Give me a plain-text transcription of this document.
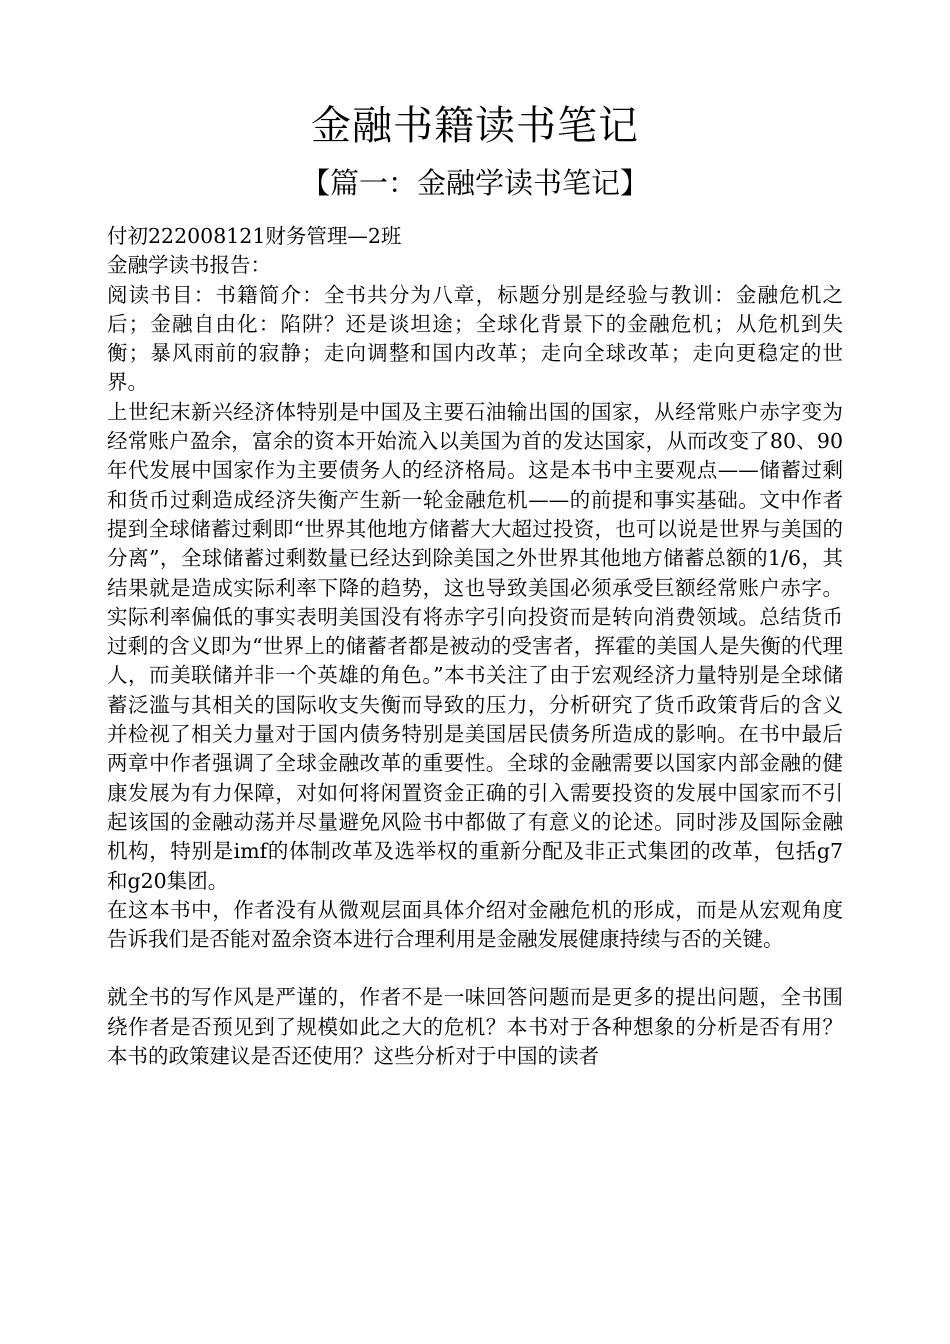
金融书籍读书笔记
【篇一：金融学读书笔记】

付初222008121财务管理—2班

金融学读书报告：

阅读书目：书籍简介：全书共分为八章，标题分别是经验与教训：金融危机之后；金融自由化：陷阱？还是谈坦途；全球化背景下的金融危机；从危机到失衡；暴风雨前的寂静；走向调整和国内改革；走向全球改革；走向更稳定的世界。

上世纪末新兴经济体特别是中国及主要石油输出国的国家，从经常账户赤字变为经常账户盈余，富余的资本开始流入以美国为首的发达国家，从而改变了80、90年代发展中国家作为主要债务人的经济格局。这是本书中主要观点——储蓄过剩和货币过剩造成经济失衡产生新一轮金融危机——的前提和事实基础。文中作者提到全球储蓄过剩即“世界其他地方储蓄大大超过投资，也可以说是世界与美国的分离”，全球储蓄过剩数量已经达到除美国之外世界其他地方储蓄总额的1/6，其结果就是造成实际利率下降的趋势，这也导致美国必须承受巨额经常账户赤字。实际利率偏低的事实表明美国没有将赤字引向投资而是转向消费领域。总结货币过剩的含义即为“世界上的储蓄者都是被动的受害者，挥霍的美国人是失衡的代理人，而美联储并非一个英雄的角色。”本书关注了由于宏观经济力量特别是全球储蓄泛滥与其相关的国际收支失衡而导致的压力，分析研究了货币政策背后的含义并检视了相关力量对于国内债务特别是美国居民债务所造成的影响。在书中最后两章中作者强调了全球金融改革的重要性。全球的金融需要以国家内部金融的健康发展为有力保障，对如何将闲置资金正确的引入需要投资的发展中国家而不引起该国的金融动荡并尽量避免风险书中都做了有意义的论述。同时涉及国际金融机构，特别是imf的体制改革及选举权的重新分配及非正式集团的改革，包括g7和g20集团。

在这本书中，作者没有从微观层面具体介绍对金融危机的形成，而是从宏观角度告诉我们是否能对盈余资本进行合理利用是金融发展健康持续与否的关键。

就全书的写作风是严谨的，作者不是一味回答问题而是更多的提出问题，全书围绕作者是否预见到了规模如此之大的危机？本书对于各种想象的分析是否有用？本书的政策建议是否还使用？这些分析对于中国的读者
